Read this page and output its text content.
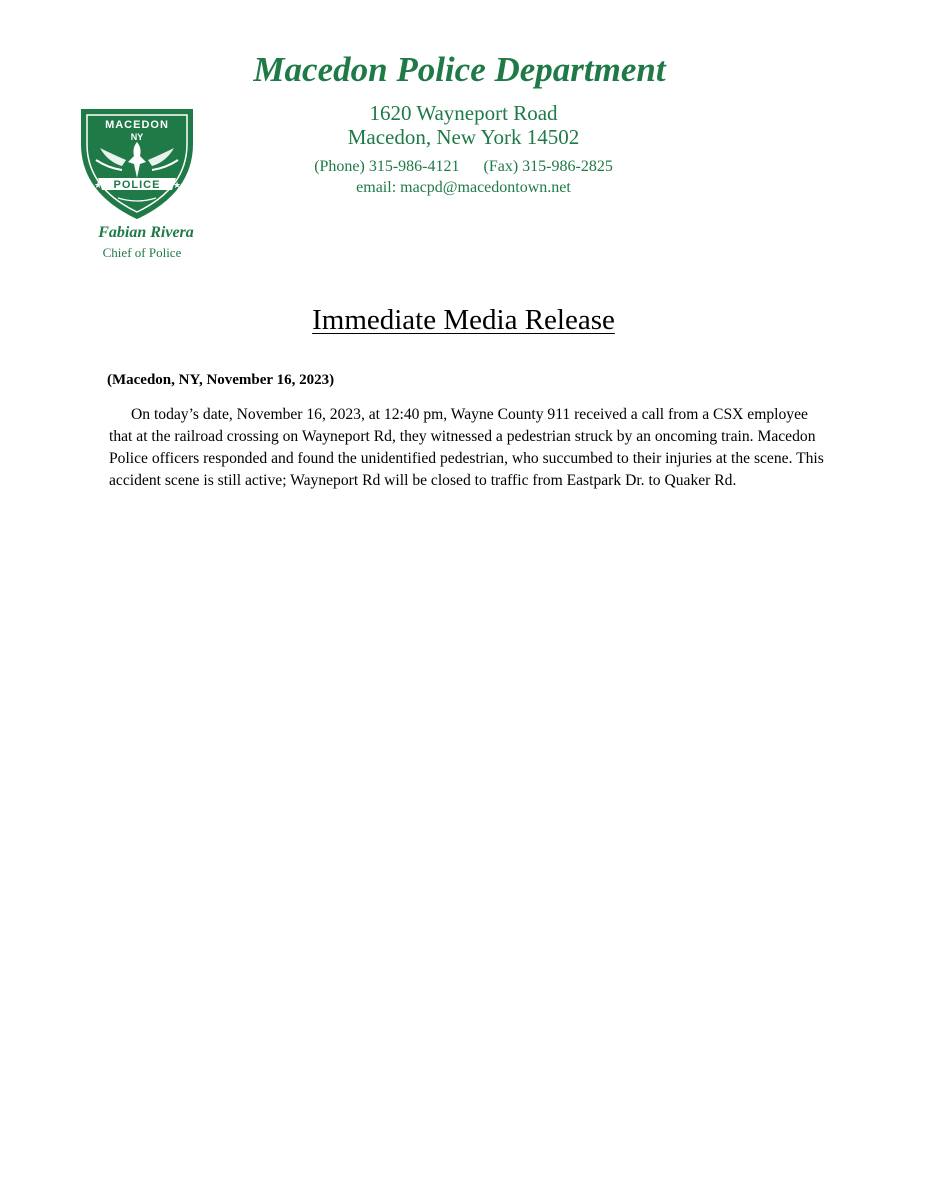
Macedon Police Department
1620 Wayneport Road
Macedon, New York 14502
(Phone) 315-986-4121 (Fax) 315-986-2825
email: macpd@macedontown.net
MACEDON
NY
POLICE
★	★
Fabian Rivera
Chief of Police
Immediate Media Release
(Macedon, NY, November 16, 2023)

On today’s date, November 16, 2023, at 12:40 pm, Wayne County 911 received a call from a CSX employee that at the railroad crossing on Wayneport Rd, they witnessed a pedestrian struck by an oncoming train. Macedon Police officers responded and found the unidentified pedestrian, who succumbed to their injuries at the scene. This accident scene is still active; Wayneport Rd will be closed to traffic from Eastpark Dr. to Quaker Rd.
